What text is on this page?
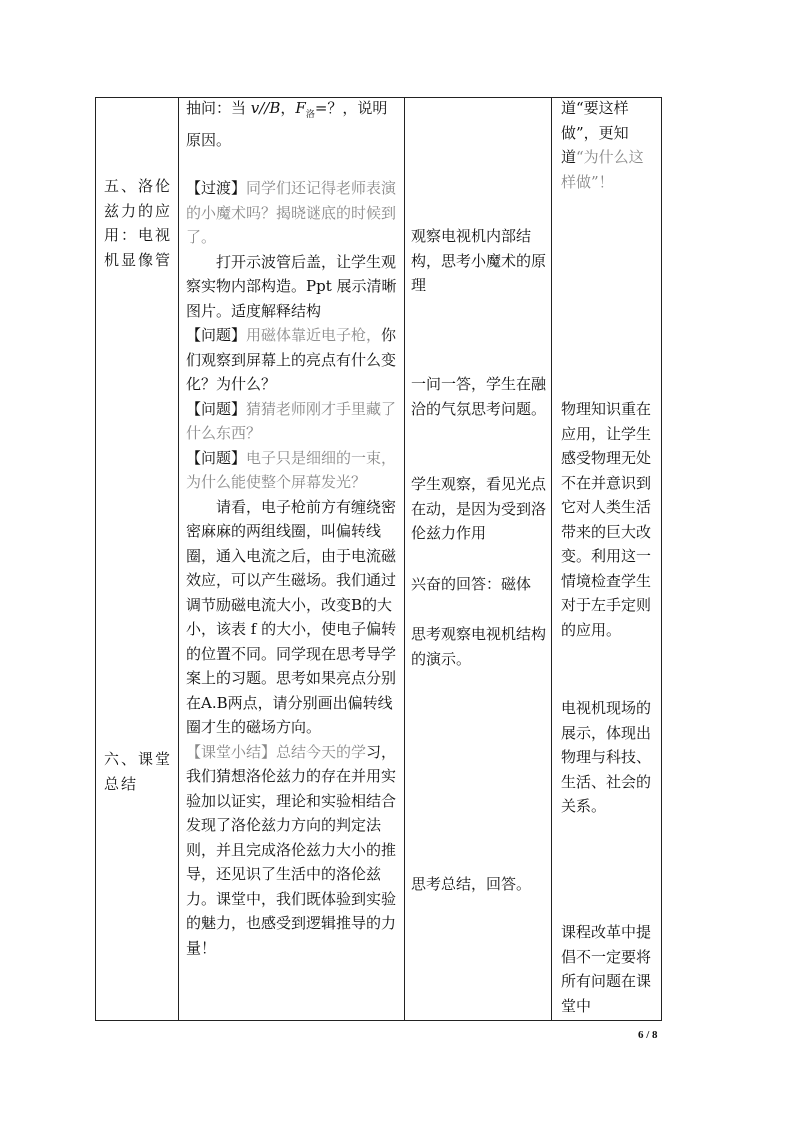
五、洛伦兹力的应用：电视机显像管
六、课堂总结

抽问：当 v//B，$F_洛=$？，说明原因。

【过渡】同学们还记得老师表演的小魔术吗？揭晓谜底的时候到了。

打开示波管后盖，让学生观察实物内部构造。Ppt 展示清晰图片。适度解释结构

【问题】用磁体靠近电子枪，你们观察到屏幕上的亮点有什么变化？为什么？

【问题】猜猜老师刚才手里藏了什么东西？

【问题】电子只是细细的一束，为什么能使整个屏幕发光？

请看，电子枪前方有缠绕密密麻麻的两组线圈，叫偏转线圈，通入电流之后，由于电流磁效应，可以产生磁场。我们通过调节励磁电流大小，改变B的大小，该表 f 的大小，使电子偏转的位置不同。同学现在思考导学案上的习题。思考如果亮点分别在A.B两点，请分别画出偏转线圈才生的磁场方向。

【课堂小结】总结今天的学习，我们猜想洛伦兹力的存在并用实验加以证实，理论和实验相结合发现了洛伦兹力方向的判定法则，并且完成洛伦兹力大小的推导，还见识了生活中的洛伦兹力。课堂中，我们既体验到实验的魅力，也感受到逻辑推导的力量！

观察电视机内部结构，思考小魔术的原理
一问一答，学生在融洽的气氛思考问题。
学生观察，看见光点在动，是因为受到洛伦兹力作用
兴奋的回答：磁体
思考观察电视机结构的演示。
思考总结，回答。
道“要这样做”，更知道“为什么这样做”！
物理知识重在应用，让学生感受物理无处不在并意识到它对人类生活带来的巨大改变。利用这一情境检查学生对于左手定则的应用。
电视机现场的展示，体现出物理与科技、生活、社会的关系。
课程改革中提倡不一定要将所有问题在课堂中
6 / 8
